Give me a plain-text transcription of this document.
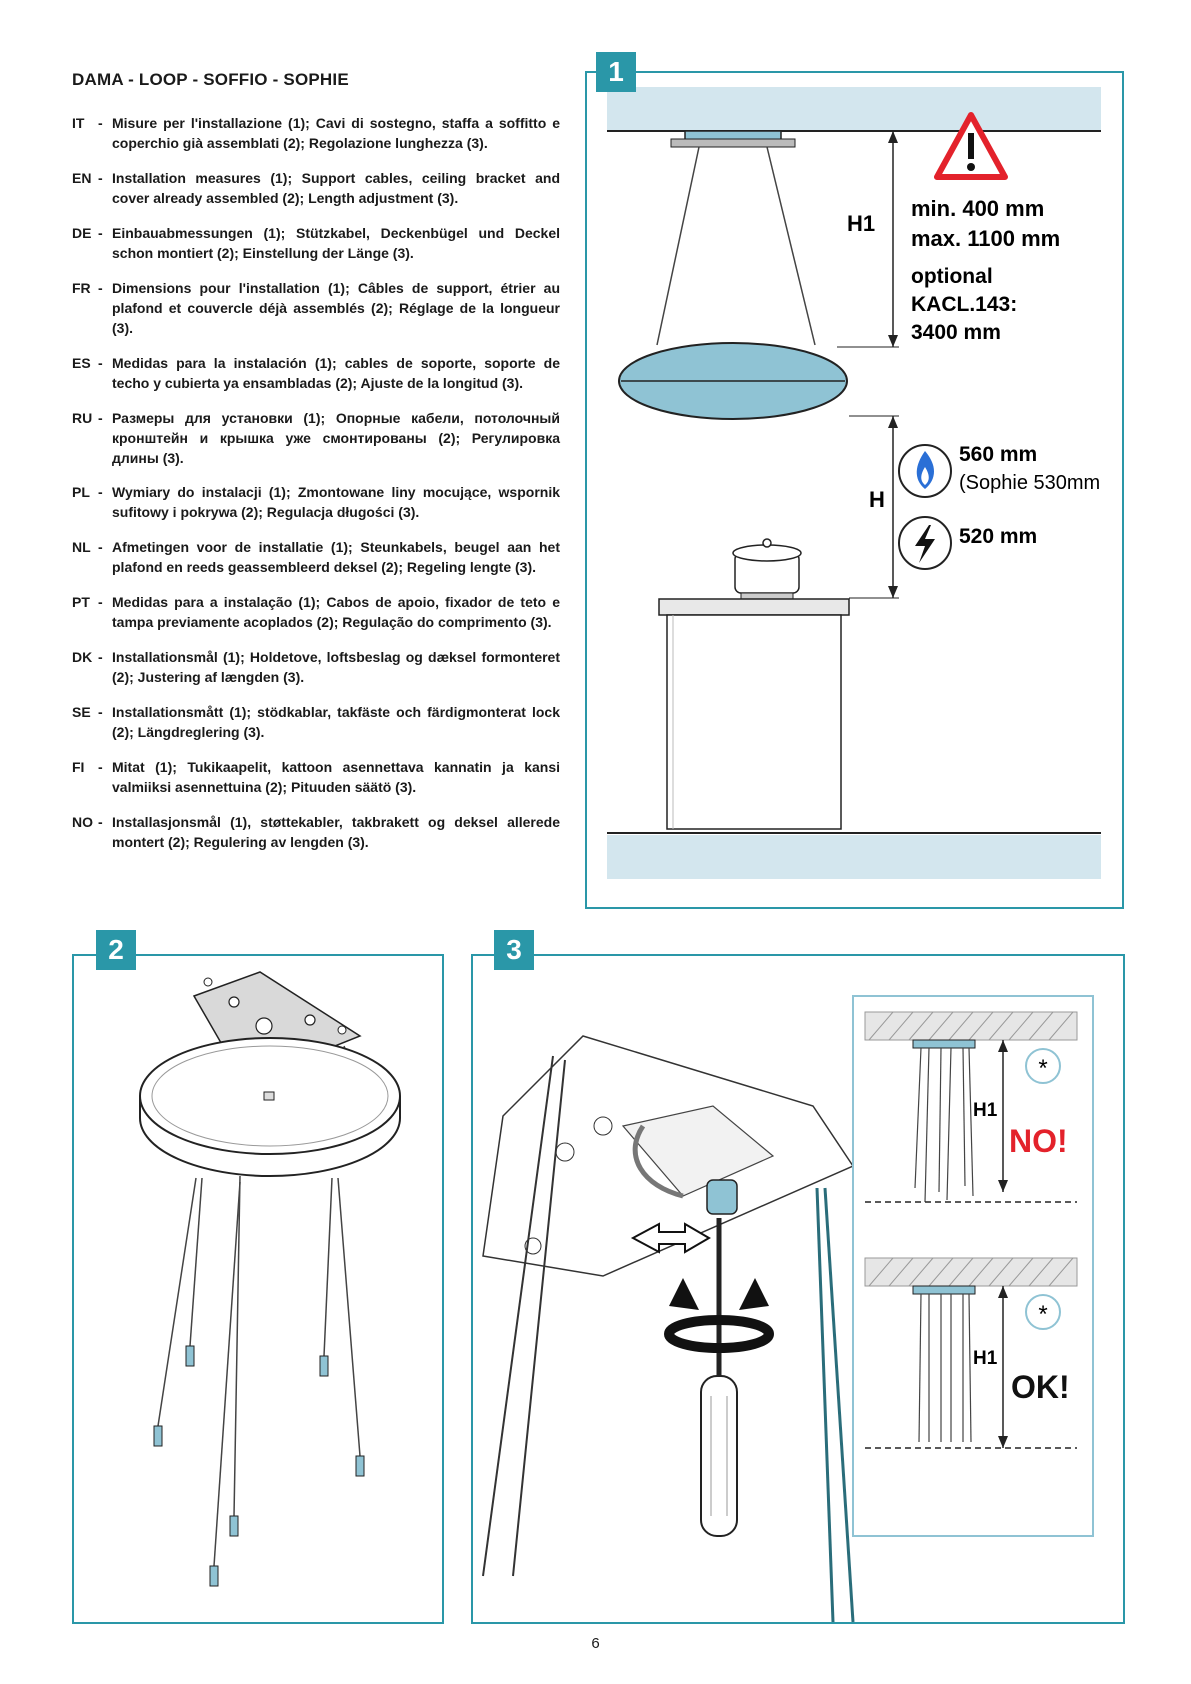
DAMA - LOOP - SOFFIO - SOPHIE
IT - Misure per l'installazione (1); Cavi di sostegno, staffa a soffitto e coperchio già assemblati (2); Regolazione lunghezza (3).
EN - Installation measures (1); Support cables, ceiling bracket and cover already assembled (2); Length adjustment (3).
DE - Einbauabmessungen (1); Stützkabel, Deckenbügel und Deckel schon montiert (2); Einstellung der Länge (3).
FR - Dimensions pour l'installation (1); Câbles de support, étrier au plafond et couvercle déjà assemblés (2); Réglage de la longueur (3).
ES - Medidas para la instalación (1); cables de soporte, soporte de techo y cubierta ya ensambladas (2); Ajuste de la longitud (3).
RU - Размеры для установки (1); Опорные кабели, потолочный кронштейн и крышка уже смонтированы (2); Регулировка длины (3).
PL - Wymiary do instalacji (1); Zmontowane liny mocujące, wspornik sufitowy i pokrywa (2); Regulacja długości (3).
NL - Afmetingen voor de installatie (1); Steunkabels, beugel aan het plafond en reeds geassembleerd deksel (2); Regeling lengte (3).
PT - Medidas para a instalação (1); Cabos de apoio, fixador de teto e tampa previamente acoplados (2); Regulação do comprimento (3).
DK - Installationsmål (1); Holdetove, loftsbeslag og dæksel formonteret (2); Justering af længden (3).
SE - Installationsmått (1); stödkablar, takfäste och färdigmonterat lock (2); Längdreglering (3).
FI - Mitat (1); Tukikaapelit, kattoon asennettava kannatin ja kansi valmiiksi asennettuina (2); Pituuden säätö (3).
NO - Installasjonsmål (1), støttekabler, takbrakett og deksel allerede montert (2); Regulering av lengden (3).
H1
min. 400 mm
max. 1100 mm
optional
KACL.143:
3400 mm
H
560 mm
(Sophie 530mm
520 mm
1
2
*
H1
NO!
*
H1
OK!
3
6
